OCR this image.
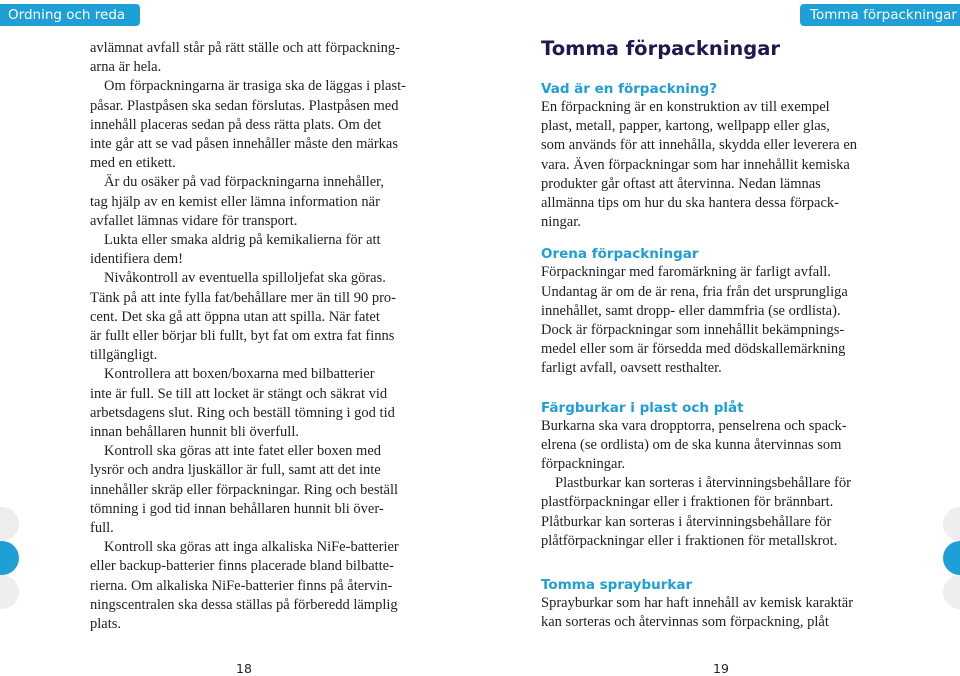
Ordning och reda	Tomma förpackningar
avlämnat avfall står på rätt ställe och att förpackning-
arna är hela.
Om förpackningarna är trasiga ska de läggas i plast-
påsar. Plastpåsen ska sedan förslutas. Plastpåsen med
innehåll placeras sedan på dess rätta plats. Om det
inte går att se vad påsen innehåller måste den märkas
med en etikett.
Är du osäker på vad förpackningarna innehåller,
tag hjälp av en kemist eller lämna information när
avfallet lämnas vidare för transport.
Lukta eller smaka aldrig på kemikalierna för att
identifiera dem!
Nivåkontroll av eventuella spilloljefat ska göras.
Tänk på att inte fylla fat/behållare mer än till 90 pro-
cent. Det ska gå att öppna utan att spilla. När fatet
är fullt eller börjar bli fullt, byt fat om extra fat finns
tillgängligt.
Kontrollera att boxen/boxarna med bilbatterier
inte är full. Se till att locket är stängt och säkrat vid
arbetsdagens slut. Ring och beställ tömning i god tid
innan behållaren hunnit bli överfull.
Kontroll ska göras att inte fatet eller boxen med
lysrör och andra ljuskällor är full, samt att det inte
innehåller skräp eller förpackningar. Ring och beställ
tömning i god tid innan behållaren hunnit bli över-
full.
Kontroll ska göras att inga alkaliska NiFe-batterier
eller backup-batterier finns placerade bland bilbatte-
rierna. Om alkaliska NiFe-batterier finns på återvin-
ningscentralen ska dessa ställas på förberedd lämplig
plats.
Tomma förpackningar
Vad är en förpackning?
En förpackning är en konstruktion av till exempel
plast, metall, papper, kartong, wellpapp eller glas,
som används för att innehålla, skydda eller leverera en
vara. Även förpackningar som har innehållit kemiska
produkter går oftast att återvinna. Nedan lämnas
allmänna tips om hur du ska hantera dessa förpack-
ningar.
Orena förpackningar
Förpackningar med faromärkning är farligt avfall.
Undantag är om de är rena, fria från det ursprungliga
innehållet, samt dropp- eller dammfria (se ordlista).
Dock är förpackningar som innehållit bekämpnings-
medel eller som är försedda med dödskallemärkning
farligt avfall, oavsett resthalter.
Färgburkar i plast och plåt
Burkarna ska vara dropptorra, penselrena och spack-
elrena (se ordlista) om de ska kunna återvinnas som
förpackningar.
Plastburkar kan sorteras i återvinningsbehållare för
plastförpackningar eller i fraktionen för brännbart.
Plåtburkar kan sorteras i återvinningsbehållare för
plåtförpackningar eller i fraktionen för metallskrot.
Tomma sprayburkar
Sprayburkar som har haft innehåll av kemisk karaktär
kan sorteras och återvinnas som förpackning, plåt
18	19
